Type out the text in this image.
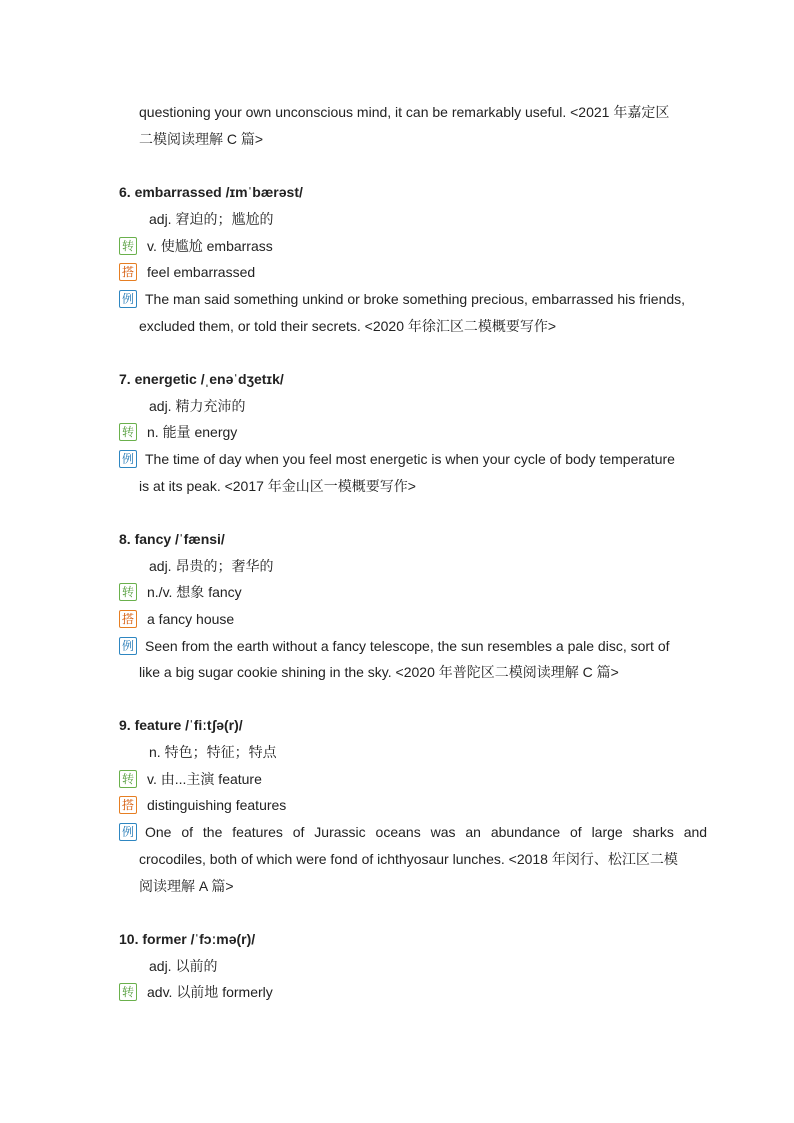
questioning your own unconscious mind, it can be remarkably useful. <2021 年嘉定区
二模阅读理解 C 篇>
6. embarrassed /ɪmˈbærəst/
adj. 窘迫的；尴尬的
转 v. 使尴尬 embarrass
搭 feel embarrassed
例 The man said something unkind or broke something precious, embarrassed his friends,
excluded them, or told their secrets. <2020 年徐汇区二模概要写作>
7. energetic /ˌenəˈdʒetɪk/
adj. 精力充沛的
转 n. 能量 energy
例 The time of day when you feel most energetic is when your cycle of body temperature
is at its peak. <2017 年金山区一模概要写作>
8. fancy /ˈfænsi/
adj. 昂贵的；奢华的
转 n./v. 想象 fancy
搭 a fancy house
例 Seen from the earth without a fancy telescope, the sun resembles a pale disc, sort of
like a big sugar cookie shining in the sky. <2020 年普陀区二模阅读理解 C 篇>
9. feature /ˈfiːtʃə(r)/
n. 特色；特征；特点
转 v. 由...主演 feature
搭 distinguishing features
例 One of the features of Jurassic oceans was an abundance of large sharks and
crocodiles, both of which were fond of ichthyosaur lunches. <2018 年闵行、松江区二模
阅读理解 A 篇>
10. former /ˈfɔːmə(r)/
adj. 以前的
转 adv. 以前地 formerly
